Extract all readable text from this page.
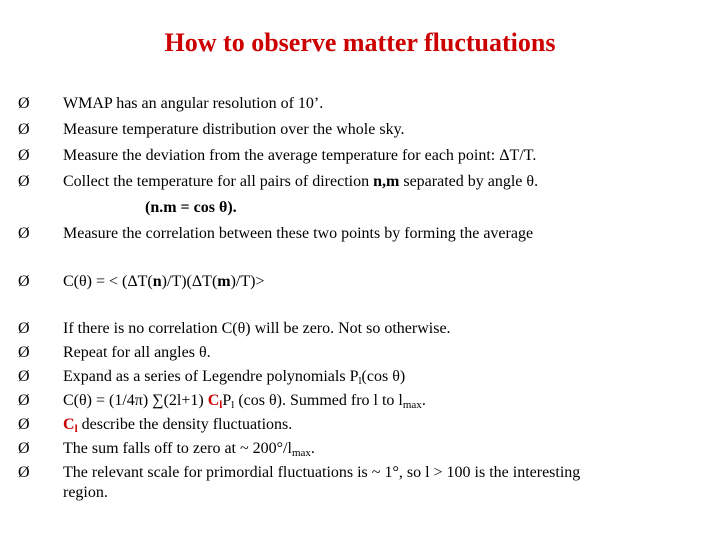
How to observe matter fluctuations
Ø WMAP has an angular resolution of 10’.
Ø Measure temperature distribution over the whole sky.
Ø Measure the deviation from the average temperature for each point: ΔT/T.
Ø Collect the temperature for all pairs of direction n,m separated by angle θ.
(n.m = cos θ).
Ø Measure the correlation between these two points by forming the average
Ø C(θ) = < (ΔT(n)/T)(ΔT(m)/T)>
Ø If there is no correlation C(θ) will be zero. Not so otherwise.
Ø Repeat for all angles θ.
Ø Expand as a series of Legendre polynomials $P_l(\cos$ θ)
Ø C(θ) = (1/4π) ∑(2l+1) $C_lP_l$ (cos θ). Summed fro l to $l_{max}$.
Ø $C_l$ describe the density fluctuations.
Ø The sum falls off to zero at ~ $200^\circ/l_{max}$.
Ø The relevant scale for primordial fluctuations is ~ 1°, so l > 100 is the interesting
region.
